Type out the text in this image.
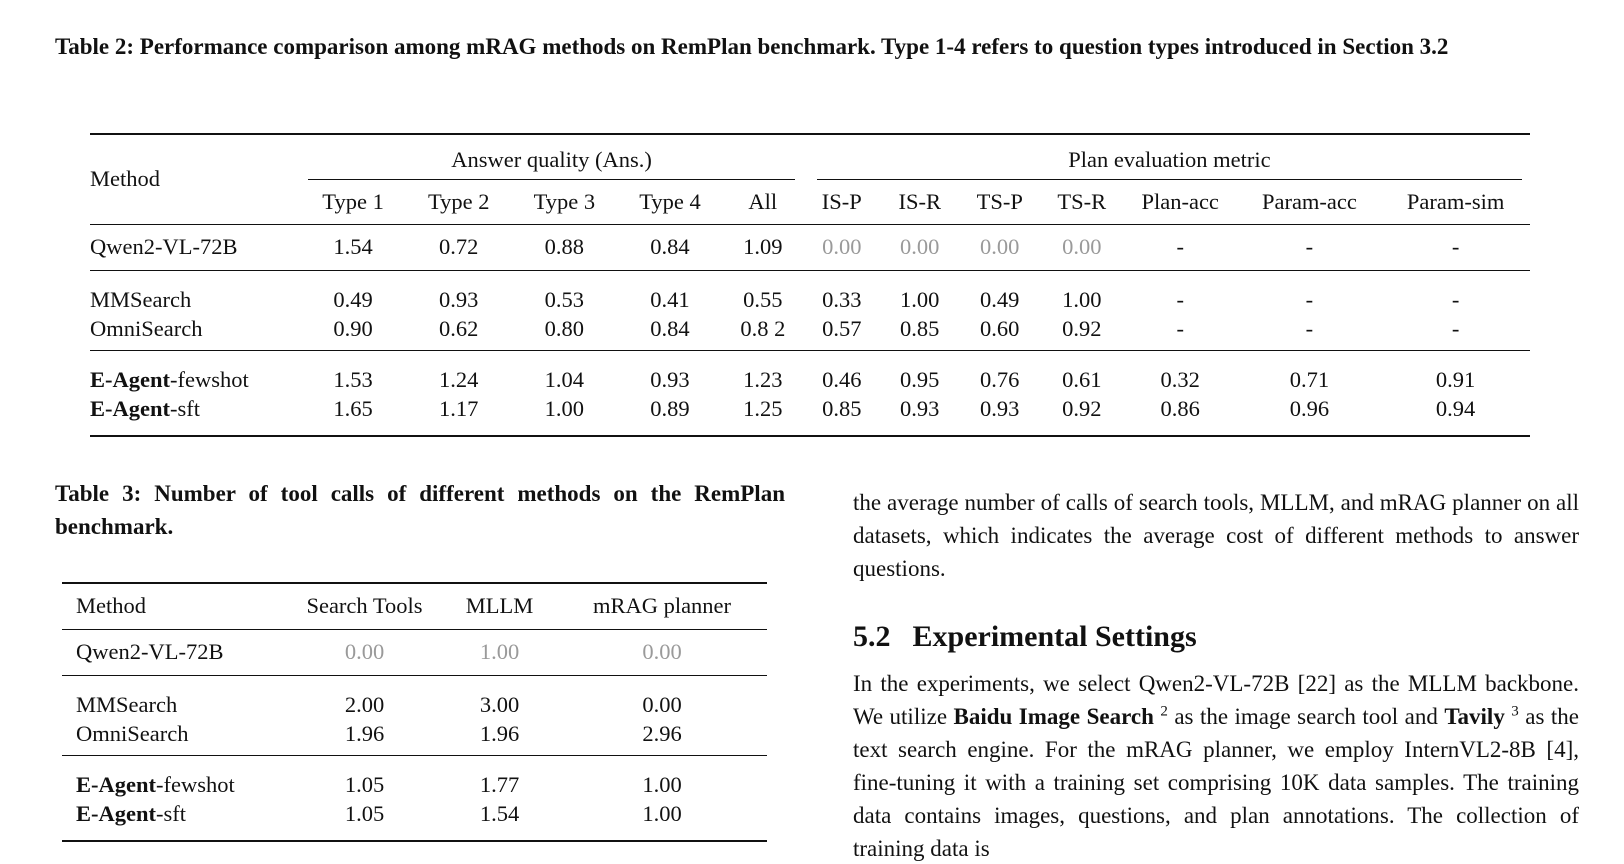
Table 2: Performance comparison among mRAG methods on RemPlan benchmark. Type 1-4 refers to question types introduced in Section 3.2

Method	Answer quality (Ans.)					Plan evaluation metric						

	Type 1	Type 2	Type 3	Type 4	All	IS-P	IS-R	TS-P	TS-R	Plan-acc	Param-acc	Param-sim
Qwen2-VL-72B	1.54	0.72	0.88	0.84	1.09	0.00	0.00	0.00	0.00	-	-	-
MMSearch	0.49	0.93	0.53	0.41	0.55	0.33	1.00	0.49	1.00	-	-	-
OmniSearch	0.90	0.62	0.80	0.84	0.8 2	0.57	0.85	0.60	0.92	-	-	-
E-Agent-fewshot	1.53	1.24	1.04	0.93	1.23	0.46	0.95	0.76	0.61	0.32	0.71	0.91
E-Agent-sft	1.65	1.17	1.00	0.89	1.25	0.85	0.93	0.93	0.92	0.86	0.96	0.94

Table 3: Number of tool calls of different methods on the RemPlan benchmark.

Method	Search Tools	MLLM	mRAG planner
Qwen2-VL-72B	0.00	1.00	0.00
MMSearch	2.00	3.00	0.00
OmniSearch	1.96	1.96	2.96
E-Agent-fewshot	1.05	1.77	1.00
E-Agent-sft	1.05	1.54	1.00

the average number of calls of search tools, MLLM, and mRAG planner on all datasets, which indicates the average cost of different methods to answer questions.

5.2 Experimental Settings

In the experiments, we select Qwen2-VL-72B [22] as the MLLM backbone. We utilize Baidu Image Search $^2$ as the image search tool and Tavily $^3$ as the text search engine. For the mRAG planner, we employ InternVL2-8B [4], fine-tuning it with a training set comprising 10K data samples. The training data contains images, questions, and plan annotations. The collection of training data is
